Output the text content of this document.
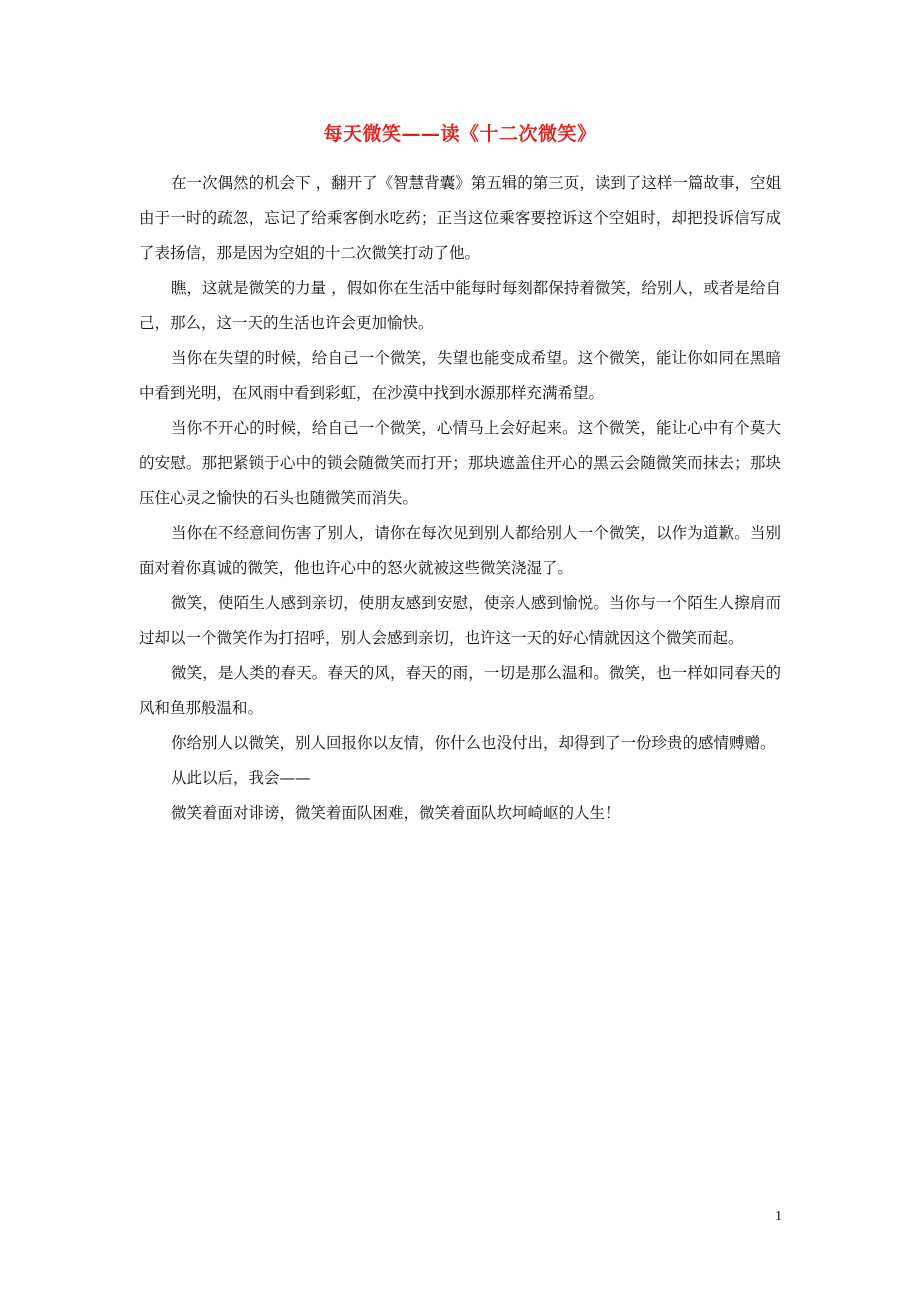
每天微笑——读《十二次微笑》

在一次偶然的机会下 ，翻开了《智慧背囊》第五辑的第三页，读到了这样一篇故事，空姐由于一时的疏忽，忘记了给乘客倒水吃药；正当这位乘客要控诉这个空姐时，却把投诉信写成了表扬信，那是因为空姐的十二次微笑打动了他。

瞧，这就是微笑的力量 ，假如你在生活中能每时每刻都保持着微笑，给别人，或者是给自己，那么，这一天的生活也许会更加愉快。

当你在失望的时候，给自己一个微笑，失望也能变成希望。这个微笑，能让你如同在黑暗中看到光明，在风雨中看到彩虹，在沙漠中找到水源那样充满希望。

当你不开心的时候，给自己一个微笑，心情马上会好起来。这个微笑，能让心中有个莫大的安慰。那把紧锁于心中的锁会随微笑而打开；那块遮盖住开心的黑云会随微笑而抹去；那块压住心灵之愉快的石头也随微笑而消失。

当你在不经意间伤害了别人，请你在每次见到别人都给别人一个微笑，以作为道歉。当别面对着你真诚的微笑，他也许心中的怒火就被这些微笑浇湿了。

微笑，使陌生人感到亲切，使朋友感到安慰，使亲人感到愉悦。当你与一个陌生人擦肩而过却以一个微笑作为打招呼，别人会感到亲切，也许这一天的好心情就因这个微笑而起。

微笑，是人类的春天。春天的风，春天的雨，一切是那么温和。微笑，也一样如同春天的风和鱼那般温和。

你给别人以微笑，别人回报你以友情，你什么也没付出，却得到了一份珍贵的感情赙赠。

从此以后，我会——

微笑着面对诽谤，微笑着面队困难，微笑着面队坎坷崎岖的人生！

1
